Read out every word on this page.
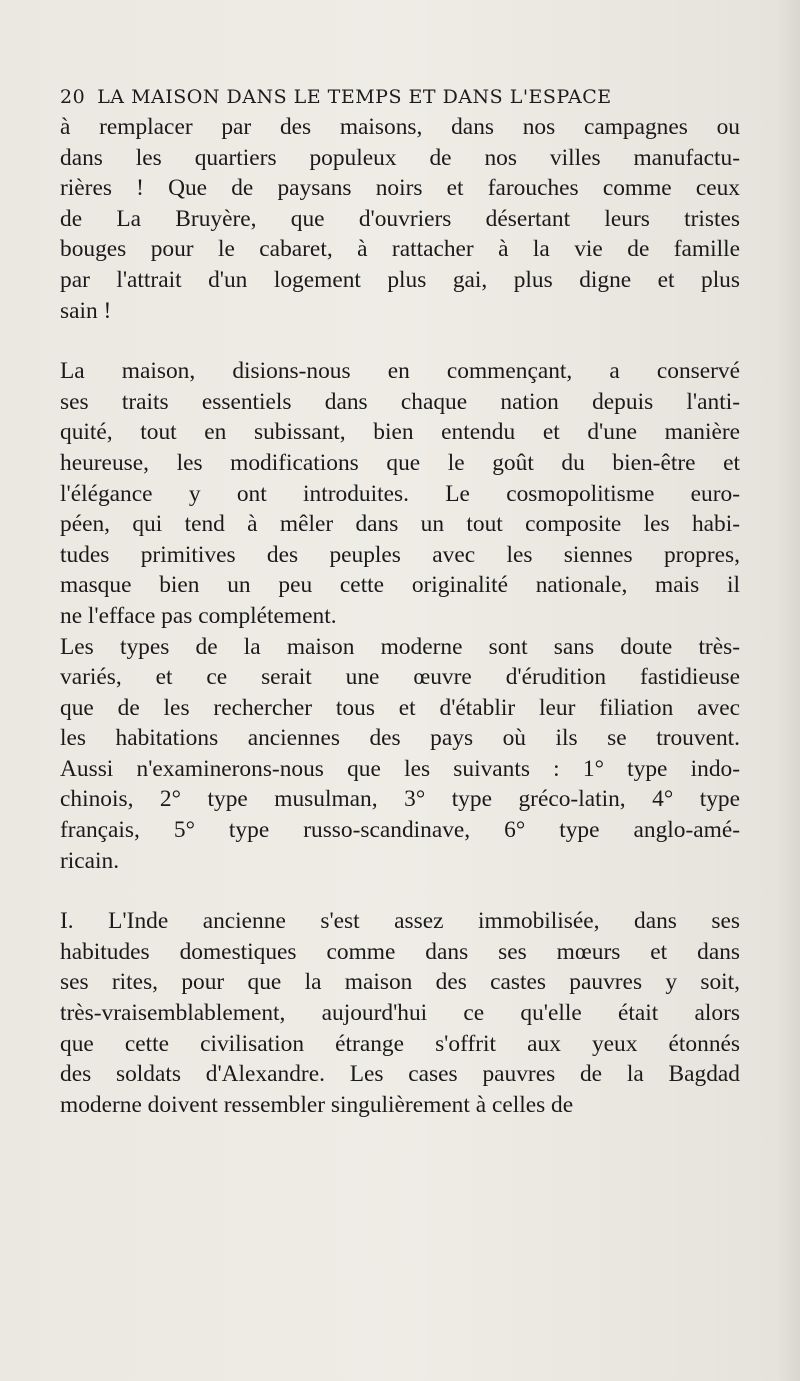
20 LA MAISON DANS LE TEMPS ET DANS L'ESPACE
à remplacer par des maisons, dans nos campagnes ou
dans les quartiers populeux de nos villes manufactu-
rières ! Que de paysans noirs et farouches comme ceux
de La Bruyère, que d'ouvriers désertant leurs tristes
bouges pour le cabaret, à rattacher à la vie de famille
par l'attrait d'un logement plus gai, plus digne et plus
sain !
La maison, disions-nous en commençant, a conservé
ses traits essentiels dans chaque nation depuis l'anti-
quité, tout en subissant, bien entendu et d'une manière
heureuse, les modifications que le goût du bien-être et
l'élégance y ont introduites. Le cosmopolitisme euro-
péen, qui tend à mêler dans un tout composite les habi-
tudes primitives des peuples avec les siennes propres,
masque bien un peu cette originalité nationale, mais il
ne l'efface pas complétement.
Les types de la maison moderne sont sans doute très-
variés, et ce serait une œuvre d'érudition fastidieuse
que de les rechercher tous et d'établir leur filiation avec
les habitations anciennes des pays où ils se trouvent.
Aussi n'examinerons-nous que les suivants : 1° type indo-
chinois, 2° type musulman, 3° type gréco-latin, 4° type
français, 5° type russo-scandinave, 6° type anglo-amé-
ricain.
I. L'Inde ancienne s'est assez immobilisée, dans ses
habitudes domestiques comme dans ses mœurs et dans
ses rites, pour que la maison des castes pauvres y soit,
très-vraisemblablement, aujourd'hui ce qu'elle était alors
que cette civilisation étrange s'offrit aux yeux étonnés
des soldats d'Alexandre. Les cases pauvres de la Bagdad
moderne doivent ressembler singulièrement à celles de
